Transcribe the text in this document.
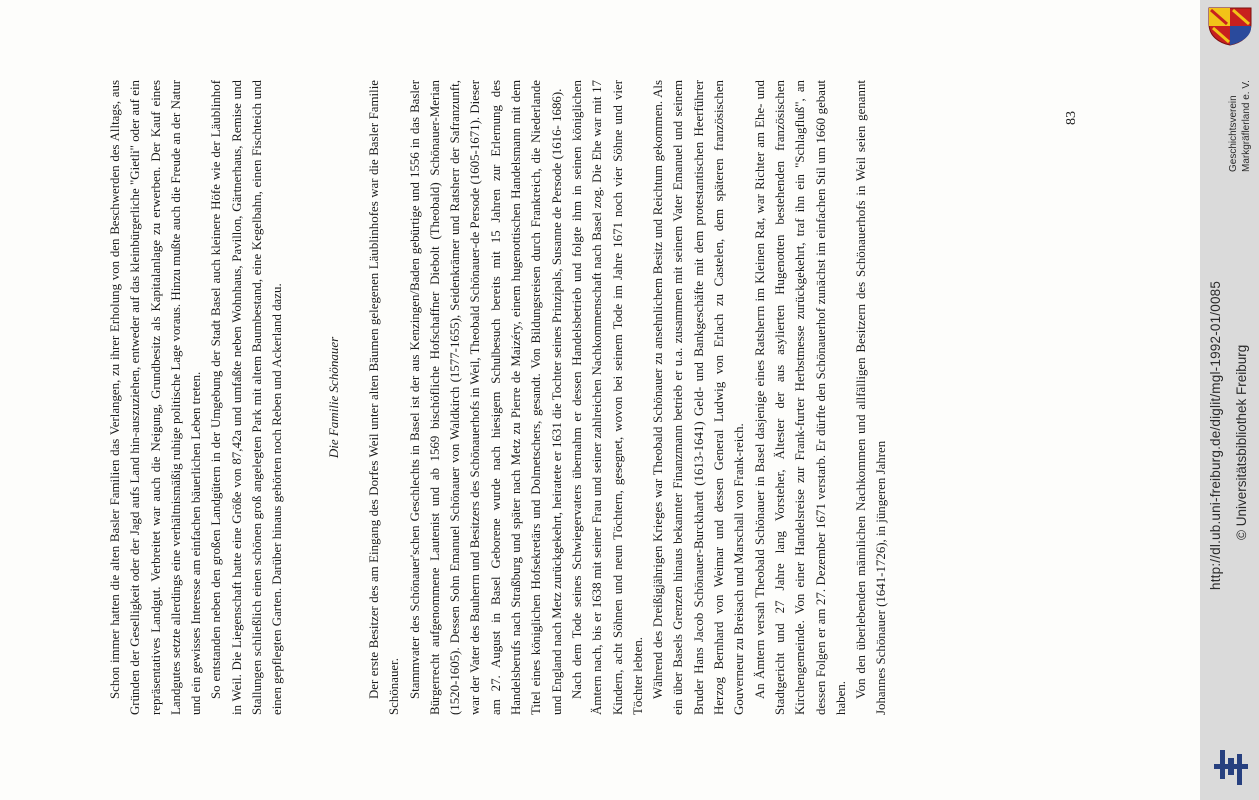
Schon immer hatten die alten Basler Familien das Verlangen, zu ihrer Erholung von den Beschwerden des Alltags, aus Gründen der Geselligkeit oder der Jagd aufs Land hin-auszuziehen, entweder auf das kleinbürgerliche "Gietli" oder auf ein repräsentatives Landgut. Verbreitet war auch die Neigung, Grundbesitz als Kapitalanlage zu erwerben. Der Kauf eines Landgutes setzte allerdings eine verhältnismäßig ruhige politische Lage voraus. Hinzu mußte auch die Freude an der Natur und ein gewisses Interesse am einfachen bäuerlichen Leben treten. So entstanden neben den großen Landgütern in der Umgebung der Stadt Basel auch kleinere Höfe wie der Läublinhof in Weil. Die Liegenschaft hatte eine Größe von 87,42a und umfaßte neben Wohnhaus, Pavillon, Gärtnerhaus, Remise und Stallungen schließlich einen schönen groß angelegten Park mit altem Baumbestand, eine Kegelbahn, einen Fischteich und einen gepflegten Garten. Darüber hinaus gehörten noch Reben und Ackerland dazu.	Die Familie Schönauer Der erste Besitzer des am Eingang des Dorfes Weil unter alten Bäumen gelegenen Läublinhofes war die Basler Familie Schönauer. Stammvater des Schönauer'schen Geschlechts in Basel ist der aus Kenzingen/Baden gebürtige und 1556 in das Basler Bürgerrecht aufgenommene Lautenist und ab 1569 bischöfliche Hofschaffner Diebolt (Theobald) Schönauer-Merian (1520-1605). Dessen Sohn Emanuel Schönauer von Waldkirch (1577-1655), Seidenkrämer und Ratsherr der Safranzunft, war der Vater des Bauherrn und Besitzers des Schönauerhofs in Weil, Theobald Schönauer-de Persode (1605-1671). Dieser am 27. August in Basel Geborene wurde nach hiesigem Schulbesuch bereits mit 15 Jahren zur Erlernung des Handelsberufs nach Straßburg und später nach Metz zu Pierre de Maizéry, einem hugenottischen Handelsmann mit dem Titel eines königlichen Hofsekretärs und Dolmetschers, gesandt. Von Bildungsreisen durch Frankreich, die Niederlande und England nach Metz zurückgekehrt, heiratete er 1631 die Tochter seines Prinzipals, Susanne de Persode (1616- 1686). Nach dem Tode seines Schwiegervaters übernahm er dessen Handelsbetrieb und folgte ihm in seinen königlichen Ämtern nach, bis er 1638 mit seiner Frau und seiner zahlreichen Nachkommenschaft nach Basel zog. Die Ehe war mit 17 Kindern, acht Söhnen und neun Töchtern, gesegnet, wovon bei seinem Tode im Jahre 1671 noch vier Söhne und vier Töchter lebten. Während des Dreißigjährigen Krieges war Theobald Schönauer zu ansehnlichem Besitz und Reichtum gekommen. Als ein über Basels Grenzen hinaus bekannter Finanzmann betrieb er u.a. zusammen mit seinem Vater Emanuel und seinem Bruder Hans Jacob Schönauer-Burckhardt (1613-1641) Geld- und Bankgeschäfte mit dem protestantischen Heerführer Herzog Bernhard von Weimar und dessen General Ludwig von Erlach zu Castelen, dem späteren französischen Gouverneur zu Breisach und Marschall von Frank-reich. An Ämtern versah Theobald Schönauer in Basel dasjenige eines Ratsherrn im Kleinen Rat, war Richter am Ehe- und Stadtgericht und 27 Jahre lang Vorsteher, Ältester der aus asylierten Hugenotten bestehenden französischen Kirchengemeinde. Von einer Handelsreise zur Frank-furter Herbstmesse zurückgekehrt, traf ihn ein "Schlagfluß", an dessen Folgen er am 27. Dezember 1671 verstarb. Er dürfte den Schönauerhof zunächst im einfachen Stil um 1660 gebaut haben. Von den überlebenden männlichen Nachkommen und allfälligen Besitzern des Schönauerhofs in Weil seien genannt Johannes Schönauer (1641-1726), in jüngeren Jahren

83	Geschichtsverein Markgräflerland e. V.
http://dl.ub.uni-freiburg.de/diglit/mgl-1992-01/0085 © Universitätsbibliothek Freiburg
